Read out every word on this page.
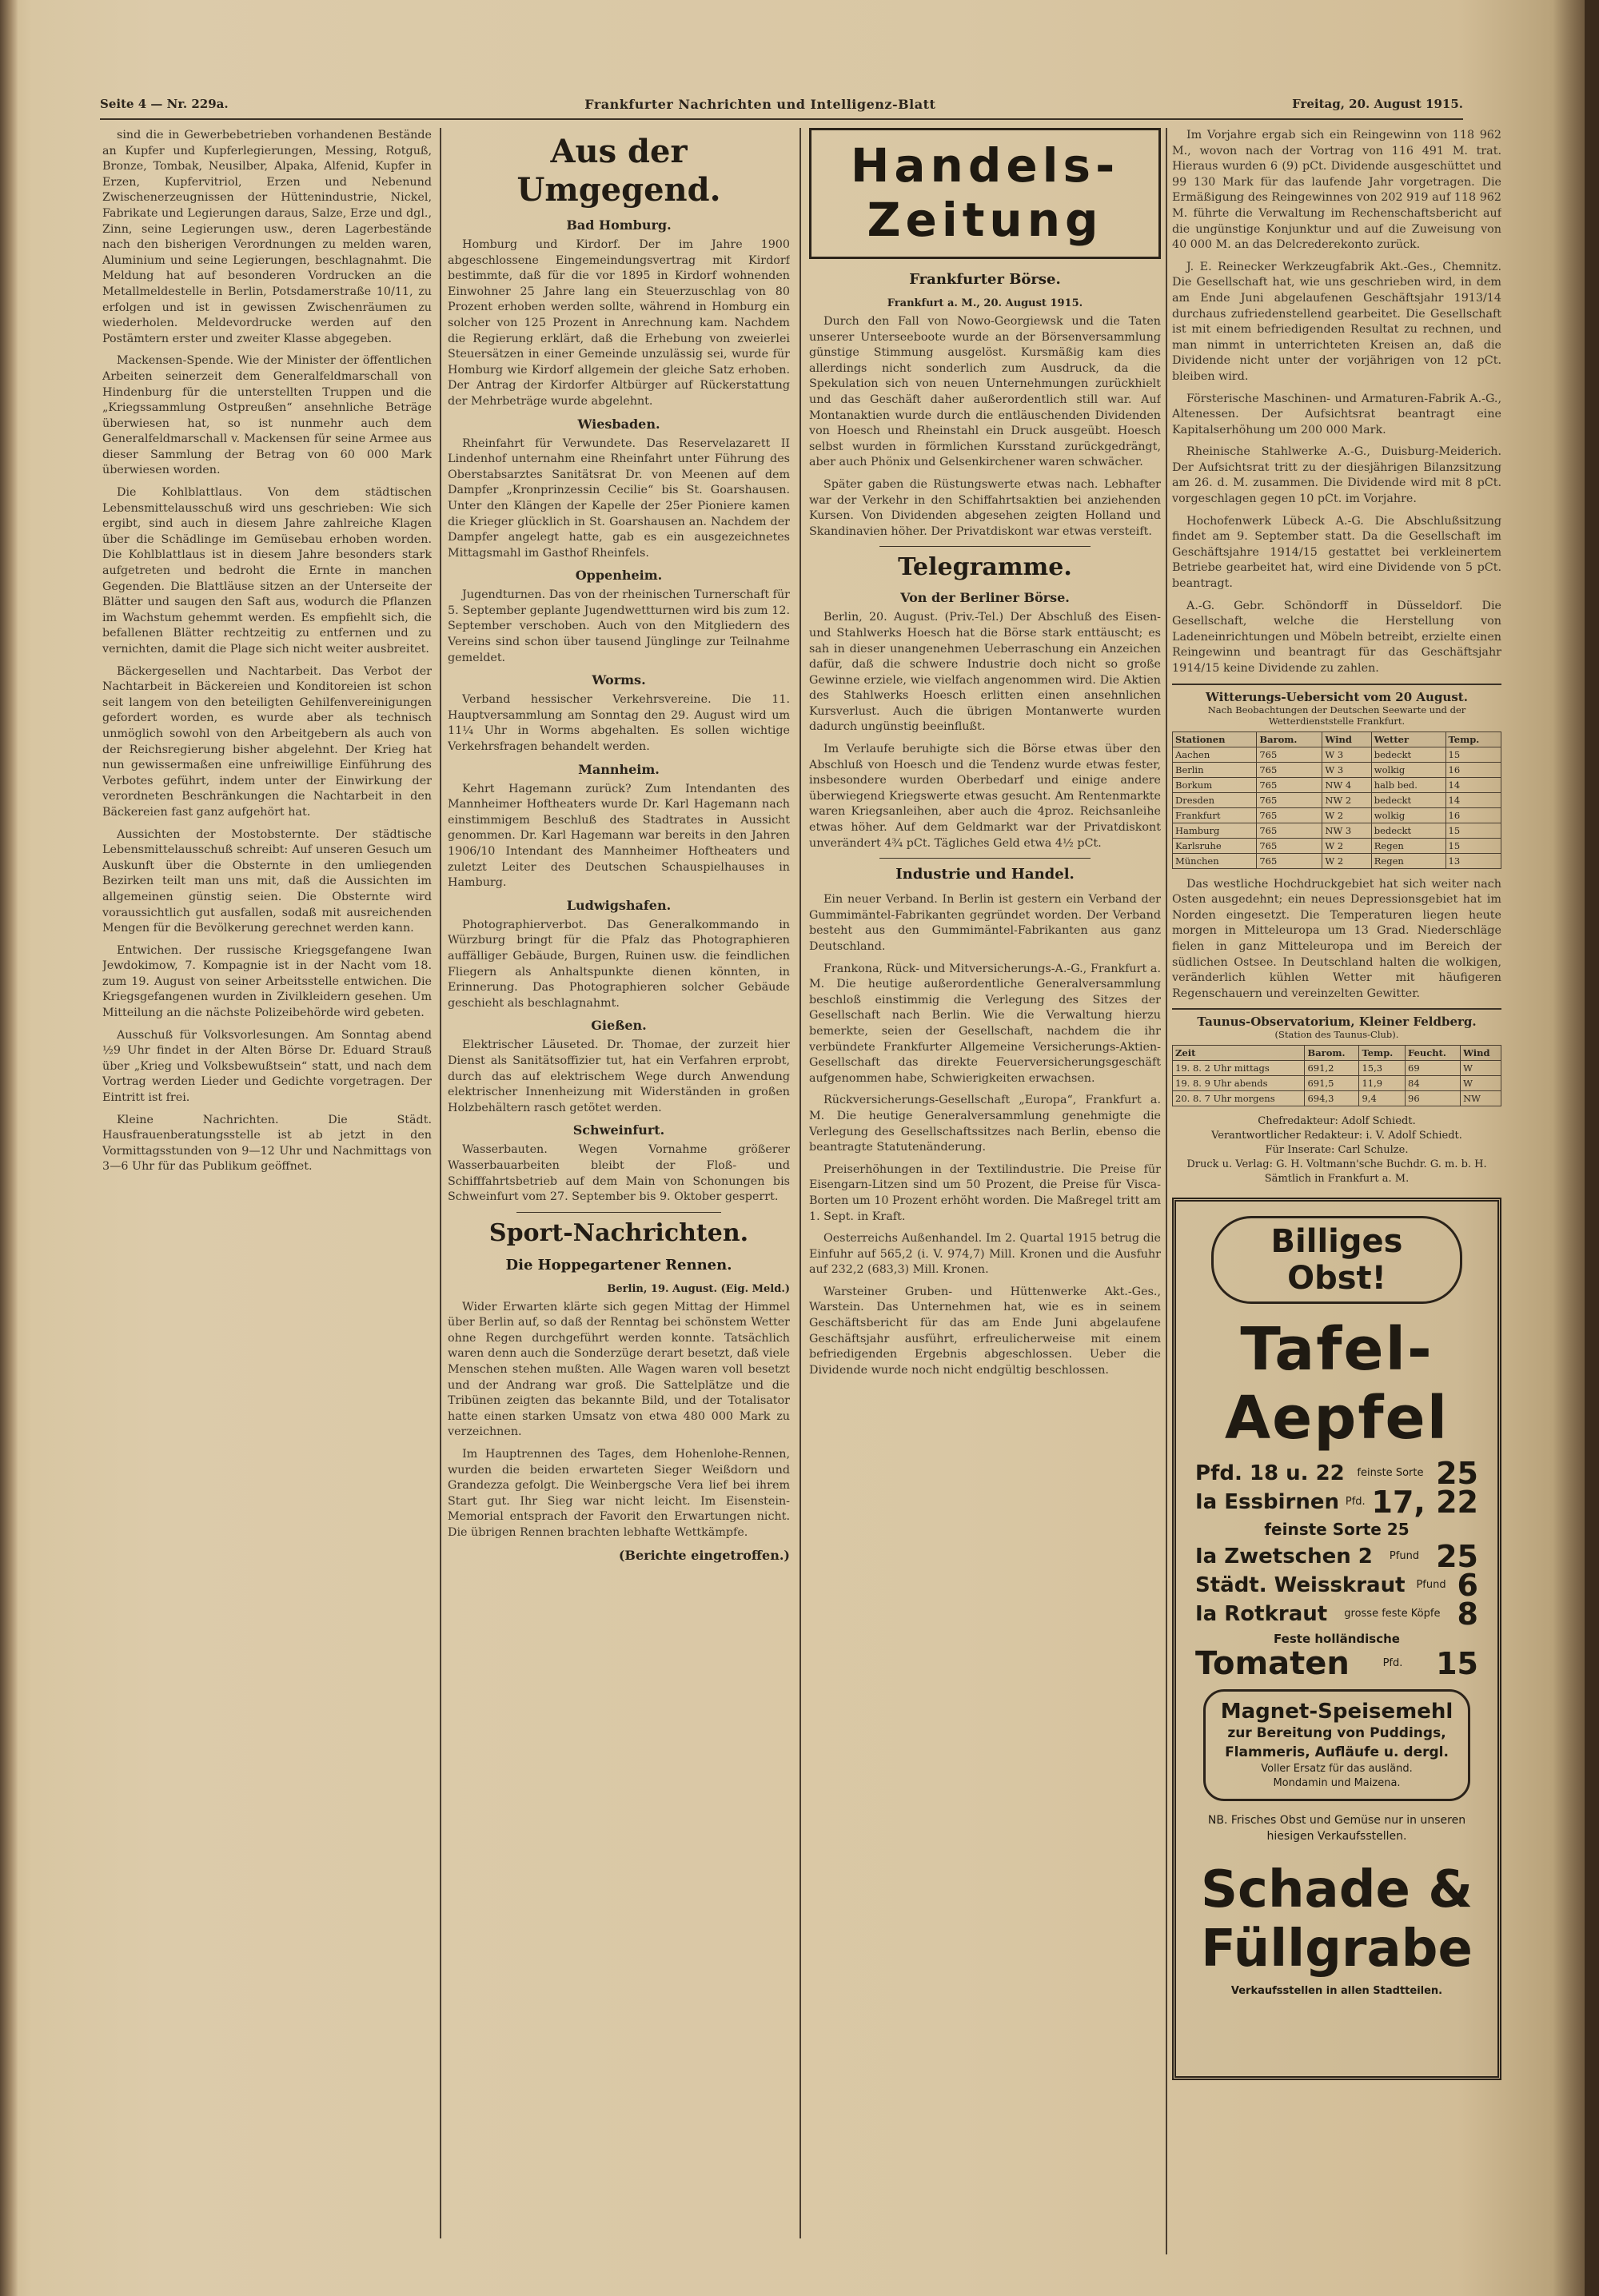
Seite 4 — Nr. 229a.	Frankfurter Nachrichten und Intelligenz-Blatt	Freitag, 20. August 1915.

sind die in Gewerbebetrieben vorhandenen Bestände an Kupfer und Kupferlegierungen, Messing, Rotguß, Bronze, Tombak, Neusilber, Alpaka, Alfenid, Kupfer in Erzen, Kupfervitriol, Erzen und Nebenund Zwischenerzeugnissen der Hüttenindustrie, Nickel, Fabrikate und Legierungen daraus, Salze, Erze und dgl., Zinn, seine Legierungen usw., deren Lagerbestände nach den bisherigen Verordnungen zu melden waren, Aluminium und seine Legierungen, beschlagnahmt. Die Meldung hat auf besonderen Vordrucken an die Metallmeldestelle in Berlin, Potsdamerstraße 10/11, zu erfolgen und ist in gewissen Zwischenräumen zu wiederholen. Meldevordrucke werden auf den Postämtern erster und zweiter Klasse abgegeben.

Mackensen-Spende. Wie der Minister der öffentlichen Arbeiten seinerzeit dem Generalfeldmarschall von Hindenburg für die unterstellten Truppen und die „Kriegssammlung Ostpreußen“ ansehnliche Beträge überwiesen hat, so ist nunmehr auch dem Generalfeldmarschall v. Mackensen für seine Armee aus dieser Sammlung der Betrag von 60 000 Mark überwiesen worden.

Die Kohlblattlaus. Von dem städtischen Lebensmittelausschuß wird uns geschrieben: Wie sich ergibt, sind auch in diesem Jahre zahlreiche Klagen über die Schädlinge im Gemüsebau erhoben worden. Die Kohlblattlaus ist in diesem Jahre besonders stark aufgetreten und bedroht die Ernte in manchen Gegenden. Die Blattläuse sitzen an der Unterseite der Blätter und saugen den Saft aus, wodurch die Pflanzen im Wachstum gehemmt werden. Es empfiehlt sich, die befallenen Blätter rechtzeitig zu entfernen und zu vernichten, damit die Plage sich nicht weiter ausbreitet.

Bäckergesellen und Nachtarbeit. Das Verbot der Nachtarbeit in Bäckereien und Konditoreien ist schon seit langem von den beteiligten Gehilfenvereinigungen gefordert worden, es wurde aber als technisch unmöglich sowohl von den Arbeitgebern als auch von der Reichsregierung bisher abgelehnt. Der Krieg hat nun gewissermaßen eine unfreiwillige Einführung des Verbotes geführt, indem unter der Einwirkung der verordneten Beschränkungen die Nachtarbeit in den Bäckereien fast ganz aufgehört hat.

Aussichten der Mostobsternte. Der städtische Lebensmittelausschuß schreibt: Auf unseren Gesuch um Auskunft über die Obsternte in den umliegenden Bezirken teilt man uns mit, daß die Aussichten im allgemeinen günstig seien. Die Obsternte wird voraussichtlich gut ausfallen, sodaß mit ausreichenden Mengen für die Bevölkerung gerechnet werden kann.

Entwichen. Der russische Kriegsgefangene Iwan Jewdokimow, 7. Kompagnie ist in der Nacht vom 18. zum 19. August von seiner Arbeitsstelle entwichen. Die Kriegsgefangenen wurden in Zivilkleidern gesehen. Um Mitteilung an die nächste Polizeibehörde wird gebeten.

Ausschuß für Volksvorlesungen. Am Sonntag abend ½9 Uhr findet in der Alten Börse Dr. Eduard Strauß über „Krieg und Volksbewußtsein“ statt, und nach dem Vortrag werden Lieder und Gedichte vorgetragen. Der Eintritt ist frei.

Kleine Nachrichten. Die Städt. Hausfrauenberatungsstelle ist ab jetzt in den Vormittagsstunden von 9—12 Uhr und Nachmittags von 3—6 Uhr für das Publikum geöffnet.

Aus der Umgegend.
Bad Homburg.

Homburg und Kirdorf. Der im Jahre 1900 abgeschlossene Eingemeindungsvertrag mit Kirdorf bestimmte, daß für die vor 1895 in Kirdorf wohnenden Einwohner 25 Jahre lang ein Steuerzuschlag von 80 Prozent erhoben werden sollte, während in Homburg ein solcher von 125 Prozent in Anrechnung kam. Nachdem die Regierung erklärt, daß die Erhebung von zweierlei Steuersätzen in einer Gemeinde unzulässig sei, wurde für Homburg wie Kirdorf allgemein der gleiche Satz erhoben. Der Antrag der Kirdorfer Altbürger auf Rückerstattung der Mehrbeträge wurde abgelehnt.

Wiesbaden.

Rheinfahrt für Verwundete. Das Reservelazarett II Lindenhof unternahm eine Rheinfahrt unter Führung des Oberstabsarztes Sanitätsrat Dr. von Meenen auf dem Dampfer „Kronprinzessin Cecilie“ bis St. Goarshausen. Unter den Klängen der Kapelle der 25er Pioniere kamen die Krieger glücklich in St. Goarshausen an. Nachdem der Dampfer angelegt hatte, gab es ein ausgezeichnetes Mittagsmahl im Gasthof Rheinfels.

Oppenheim.

Jugendturnen. Das von der rheinischen Turnerschaft für 5. September geplante Jugendwettturnen wird bis zum 12. September verschoben. Auch von den Mitgliedern des Vereins sind schon über tausend Jünglinge zur Teilnahme gemeldet.

Worms.

Verband hessischer Verkehrsvereine. Die 11. Hauptversammlung am Sonntag den 29. August wird um 11¼ Uhr in Worms abgehalten. Es sollen wichtige Verkehrsfragen behandelt werden.

Mannheim.

Kehrt Hagemann zurück? Zum Intendanten des Mannheimer Hoftheaters wurde Dr. Karl Hagemann nach einstimmigem Beschluß des Stadtrates in Aussicht genommen. Dr. Karl Hagemann war bereits in den Jahren 1906/10 Intendant des Mannheimer Hoftheaters und zuletzt Leiter des Deutschen Schauspielhauses in Hamburg.

Ludwigshafen.

Photographierverbot. Das Generalkommando in Würzburg bringt für die Pfalz das Photographieren auffälliger Gebäude, Burgen, Ruinen usw. die feindlichen Fliegern als Anhaltspunkte dienen könnten, in Erinnerung. Das Photographieren solcher Gebäude geschieht als beschlagnahmt.

Gießen.

Elektrischer Läuseted. Dr. Thomae, der zurzeit hier Dienst als Sanitätsoffizier tut, hat ein Verfahren erprobt, durch das auf elektrischem Wege durch Anwendung elektrischer Innenheizung mit Widerständen in großen Holzbehältern rasch getötet werden.

Schweinfurt.

Wasserbauten. Wegen Vornahme größerer Wasserbauarbeiten bleibt der Floß- und Schifffahrtsbetrieb auf dem Main von Schonungen bis Schweinfurt vom 27. September bis 9. Oktober gesperrt.

Sport-Nachrichten.
Die Hoppegartener Rennen.
Berlin, 19. August. (Eig. Meld.)

Wider Erwarten klärte sich gegen Mittag der Himmel über Berlin auf, so daß der Renntag bei schönstem Wetter ohne Regen durchgeführt werden konnte. Tatsächlich waren denn auch die Sonderzüge derart besetzt, daß viele Menschen stehen mußten. Alle Wagen waren voll besetzt und der Andrang war groß. Die Sattelplätze und die Tribünen zeigten das bekannte Bild, und der Totalisator hatte einen starken Umsatz von etwa 480 000 Mark zu verzeichnen.

Im Hauptrennen des Tages, dem Hohenlohe-Rennen, wurden die beiden erwarteten Sieger Weißdorn und Grandezza gefolgt. Die Weinbergsche Vera lief bei ihrem Start gut. Ihr Sieg war nicht leicht. Im Eisenstein-Memorial entsprach der Favorit den Erwartungen nicht. Die übrigen Rennen brachten lebhafte Wettkämpfe.

(Berichte eingetroffen.)
Handels-Zeitung
Frankfurter Börse.
Frankfurt a. M., 20. August 1915.

Durch den Fall von Nowo-Georgiewsk und die Taten unserer Unterseeboote wurde an der Börsenversammlung günstige Stimmung ausgelöst. Kursmäßig kam dies allerdings nicht sonderlich zum Ausdruck, da die Spekulation sich von neuen Unternehmungen zurückhielt und das Geschäft daher außerordentlich still war. Auf Montanaktien wurde durch die entläuschenden Dividenden von Hoesch und Rheinstahl ein Druck ausgeübt. Hoesch selbst wurden in förmlichen Kursstand zurückgedrängt, aber auch Phönix und Gelsenkirchener waren schwächer.

Später gaben die Rüstungswerte etwas nach. Lebhafter war der Verkehr in den Schiffahrtsaktien bei anziehenden Kursen. Von Dividenden abgesehen zeigten Holland und Skandinavien höher. Der Privatdiskont war etwas versteift.

Telegramme.
Von der Berliner Börse.

Berlin, 20. August. (Priv.-Tel.) Der Abschluß des Eisen- und Stahlwerks Hoesch hat die Börse stark enttäuscht; es sah in dieser unangenehmen Ueberraschung ein Anzeichen dafür, daß die schwere Industrie doch nicht so große Gewinne erziele, wie vielfach angenommen wird. Die Aktien des Stahlwerks Hoesch erlitten einen ansehnlichen Kursverlust. Auch die übrigen Montanwerte wurden dadurch ungünstig beeinflußt.

Im Verlaufe beruhigte sich die Börse etwas über den Abschluß von Hoesch und die Tendenz wurde etwas fester, insbesondere wurden Oberbedarf und einige andere überwiegend Kriegswerte etwas gesucht. Am Rentenmarkte waren Kriegsanleihen, aber auch die 4proz. Reichsanleihe etwas höher. Auf dem Geldmarkt war der Privatdiskont unverändert 4¾ pCt. Tägliches Geld etwa 4½ pCt.

Industrie und Handel.

Ein neuer Verband. In Berlin ist gestern ein Verband der Gummimäntel-Fabrikanten gegründet worden. Der Verband besteht aus den Gummimäntel-Fabrikanten aus ganz Deutschland.

Frankona, Rück- und Mitversicherungs-A.-G., Frankfurt a. M. Die heutige außerordentliche Generalversammlung beschloß einstimmig die Verlegung des Sitzes der Gesellschaft nach Berlin. Wie die Verwaltung hierzu bemerkte, seien der Gesellschaft, nachdem die ihr verbündete Frankfurter Allgemeine Versicherungs-Aktien-Gesellschaft das direkte Feuerversicherungsgeschäft aufgenommen habe, Schwierigkeiten erwachsen.

Rückversicherungs-Gesellschaft „Europa“, Frankfurt a. M. Die heutige Generalversammlung genehmigte die Verlegung des Gesellschaftssitzes nach Berlin, ebenso die beantragte Statutenänderung.

Preiserhöhungen in der Textilindustrie. Die Preise für Eisengarn-Litzen sind um 50 Prozent, die Preise für Visca-Borten um 10 Prozent erhöht worden. Die Maßregel tritt am 1. Sept. in Kraft.

Oesterreichs Außenhandel. Im 2. Quartal 1915 betrug die Einfuhr auf 565,2 (i. V. 974,7) Mill. Kronen und die Ausfuhr auf 232,2 (683,3) Mill. Kronen.

Warsteiner Gruben- und Hüttenwerke Akt.-Ges., Warstein. Das Unternehmen hat, wie es in seinem Geschäftsbericht für das am Ende Juni abgelaufene Geschäftsjahr ausführt, erfreulicherweise mit einem befriedigenden Ergebnis abgeschlossen. Ueber die Dividende wurde noch nicht endgültig beschlossen.

Im Vorjahre ergab sich ein Reingewinn von 118 962 M., wovon nach der Vortrag von 116 491 M. trat. Hieraus wurden 6 (9) pCt. Dividende ausgeschüttet und 99 130 Mark für das laufende Jahr vorgetragen. Die Ermäßigung des Reingewinnes von 202 919 auf 118 962 M. führte die Verwaltung im Rechenschaftsbericht auf die ungünstige Konjunktur und auf die Zuweisung von 40 000 M. an das Delcrederekonto zurück.

J. E. Reinecker Werkzeugfabrik Akt.-Ges., Chemnitz. Die Gesellschaft hat, wie uns geschrieben wird, in dem am Ende Juni abgelaufenen Geschäftsjahr 1913/14 durchaus zufriedenstellend gearbeitet. Die Gesellschaft ist mit einem befriedigenden Resultat zu rechnen, und man nimmt in unterrichteten Kreisen an, daß die Dividende nicht unter der vorjährigen von 12 pCt. bleiben wird.

Försterische Maschinen- und Armaturen-Fabrik A.-G., Altenessen. Der Aufsichtsrat beantragt eine Kapitalserhöhung um 200 000 Mark.

Rheinische Stahlwerke A.-G., Duisburg-Meiderich. Der Aufsichtsrat tritt zu der diesjährigen Bilanzsitzung am 26. d. M. zusammen. Die Dividende wird mit 8 pCt. vorgeschlagen gegen 10 pCt. im Vorjahre.

Hochofenwerk Lübeck A.-G. Die Abschlußsitzung findet am 9. September statt. Da die Gesellschaft im Geschäftsjahre 1914/15 gestattet bei verkleinertem Betriebe gearbeitet hat, wird eine Dividende von 5 pCt. beantragt.

A.-G. Gebr. Schöndorff in Düsseldorf. Die Gesellschaft, welche die Herstellung von Ladeneinrichtungen und Möbeln betreibt, erzielte einen Reingewinn und beantragt für das Geschäftsjahr 1914/15 keine Dividende zu zahlen.

Witterungs-Uebersicht vom 20 August.
Nach Beobachtungen der Deutschen Seewarte und der Wetterdienststelle Frankfurt.
Stationen	Barom.	Wind	Wetter	Temp.
Aachen	765	W 3	bedeckt	15
Berlin	765	W 3	wolkig	16
Borkum	765	NW 4	halb bed.	14
Dresden	765	NW 2	bedeckt	14
Frankfurt	765	W 2	wolkig	16
Hamburg	765	NW 3	bedeckt	15
Karlsruhe	765	W 2	Regen	15
München	765	W 2	Regen	13

Das westliche Hochdruckgebiet hat sich weiter nach Osten ausgedehnt; ein neues Depressionsgebiet hat im Norden eingesetzt. Die Temperaturen liegen heute morgen in Mitteleuropa um 13 Grad. Niederschläge fielen in ganz Mitteleuropa und im Bereich der südlichen Ostsee. In Deutschland halten die wolkigen, veränderlich kühlen Wetter mit häufigeren Regenschauern und vereinzelten Gewitter.

Taunus-Observatorium, Kleiner Feldberg.
(Station des Taunus-Club).
Zeit	Barom.	Temp.	Feucht.	Wind
19. 8. 2 Uhr mittags	691,2	15,3	69	W
19. 8. 9 Uhr abends	691,5	11,9	84	W
20. 8. 7 Uhr morgens	694,3	9,4	96	NW
Chefredakteur: Adolf Schiedt.
Verantwortlicher Redakteur: i. V. Adolf Schiedt.
Für Inserate: Carl Schulze.
Druck u. Verlag: G. H. Voltmann'sche Buchdr. G. m. b. H.
Sämtlich in Frankfurt a. M.
Billiges
Obst!
Tafel-Aepfel
Pfd. 18 u. 22 feinste Sorte 25
Ia Essbirnen Pfd. 17, 22
feinste Sorte 25
Ia Zwetschen 2 Pfund 25
Städt. Weisskraut Pfund 6
Ia Rotkraut grosse feste Köpfe 8
Feste holländische
Tomaten	Pfd. 15
Magnet-Speisemehl
zur Bereitung von Puddings,
Flammeris, Aufläufe u. dergl.
Voller Ersatz für das ausländ.
Mondamin und Maizena.
NB. Frisches Obst und Gemüse nur in unseren hiesigen Verkaufsstellen.
Schade &
Füllgrabe
Verkaufsstellen in allen Stadtteilen.
